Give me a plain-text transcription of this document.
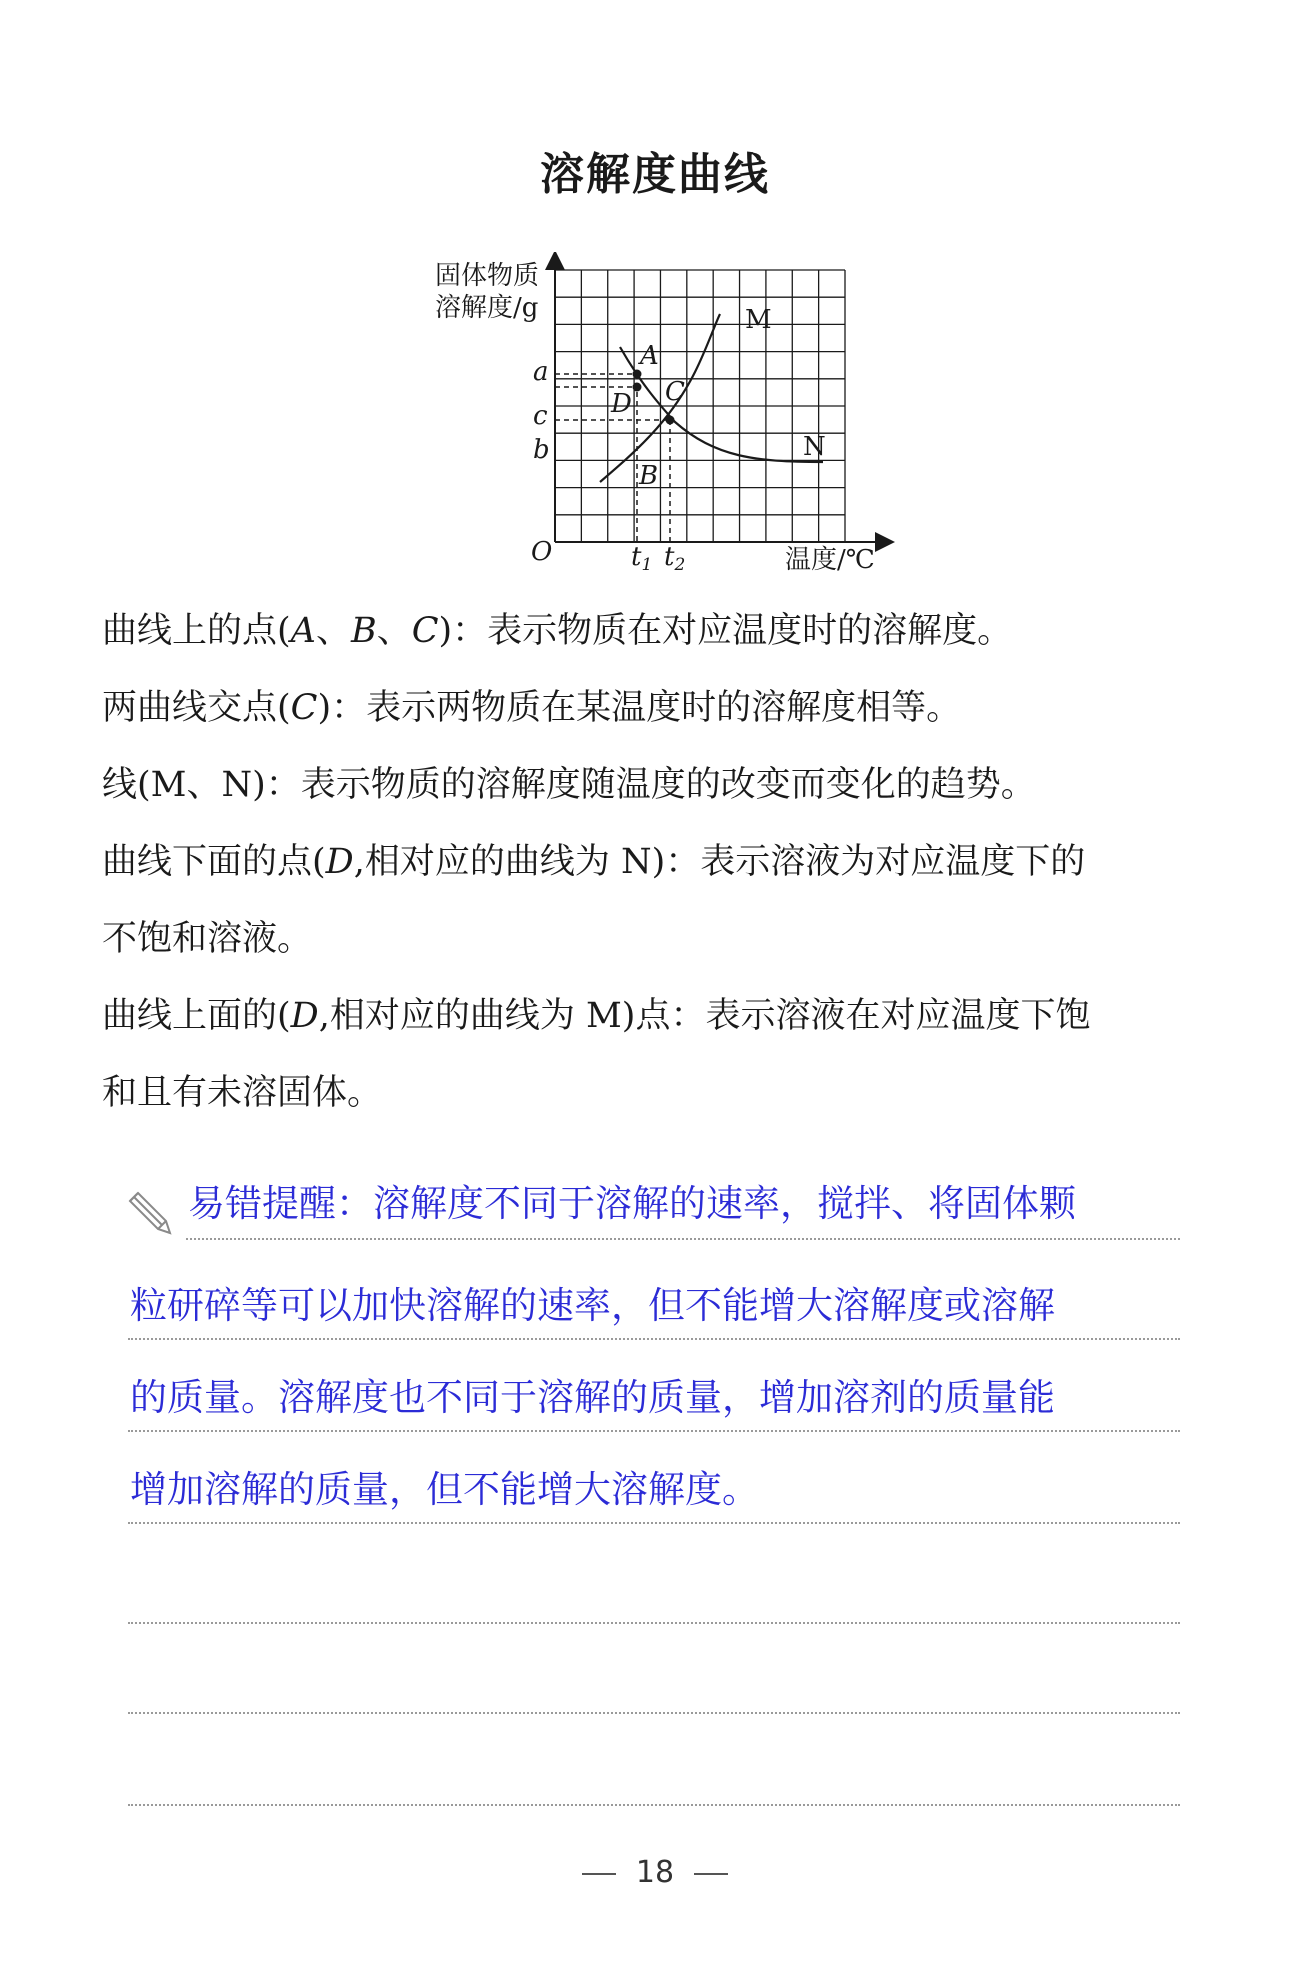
溶解度曲线
固体物质
溶解度/g
温度/℃
O
a
c
b
t1 t2
M
N
A
B
C
D
曲线上的点(A、B、C)：表示物质在对应温度时的溶解度。
两曲线交点(C)：表示两物质在某温度时的溶解度相等。
线(M、N)：表示物质的溶解度随温度的改变而变化的趋势。
曲线下面的点(D,相对应的曲线为 N)：表示溶液为对应温度下的
不饱和溶液。
曲线上面的(D,相对应的曲线为 M)点：表示溶液在对应温度下饱
和且有未溶固体。
易错提醒：溶解度不同于溶解的速率，搅拌、将固体颗
粒研碎等可以加快溶解的速率，但不能增大溶解度或溶解
的质量。溶解度也不同于溶解的质量，增加溶剂的质量能
增加溶解的质量，但不能增大溶解度。
18
